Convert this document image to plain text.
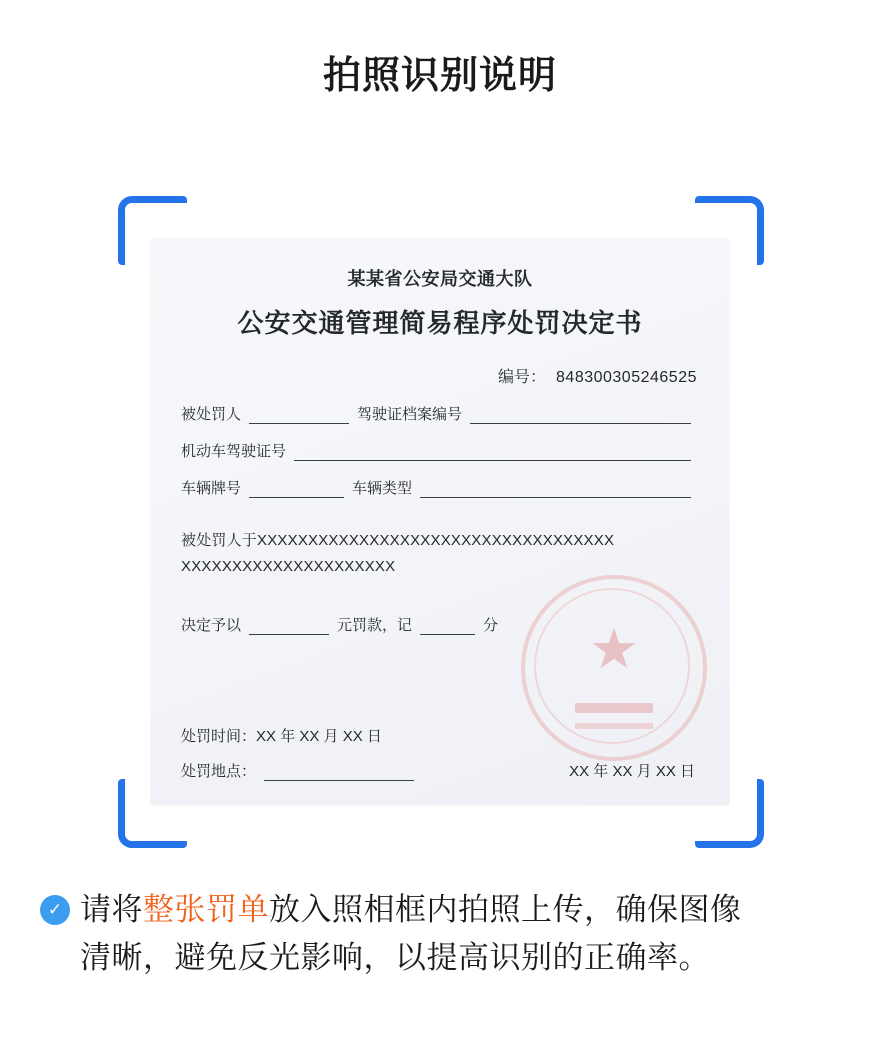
拍照识别说明
★
某某省公安局交通大队
公安交通管理简易程序处罚决定书
编号： 848300305246525
被处罚人	驾驶证档案编号
机动车驾驶证号
车辆牌号	车辆类型
被处罚人于XXXXXXXXXXXXXXXXXXXXXXXXXXXXXXXXXXX
XXXXXXXXXXXXXXXXXXXXX
决定予以	元罚款，记	分
处罚时间： XX 年 XX 月 XX 日
处罚地点：	XX 年 XX 月 XX 日
✓ 请将整张罚单放入照相框内拍照上传，确保图像
清晰，避免反光影响，以提高识别的正确率。
